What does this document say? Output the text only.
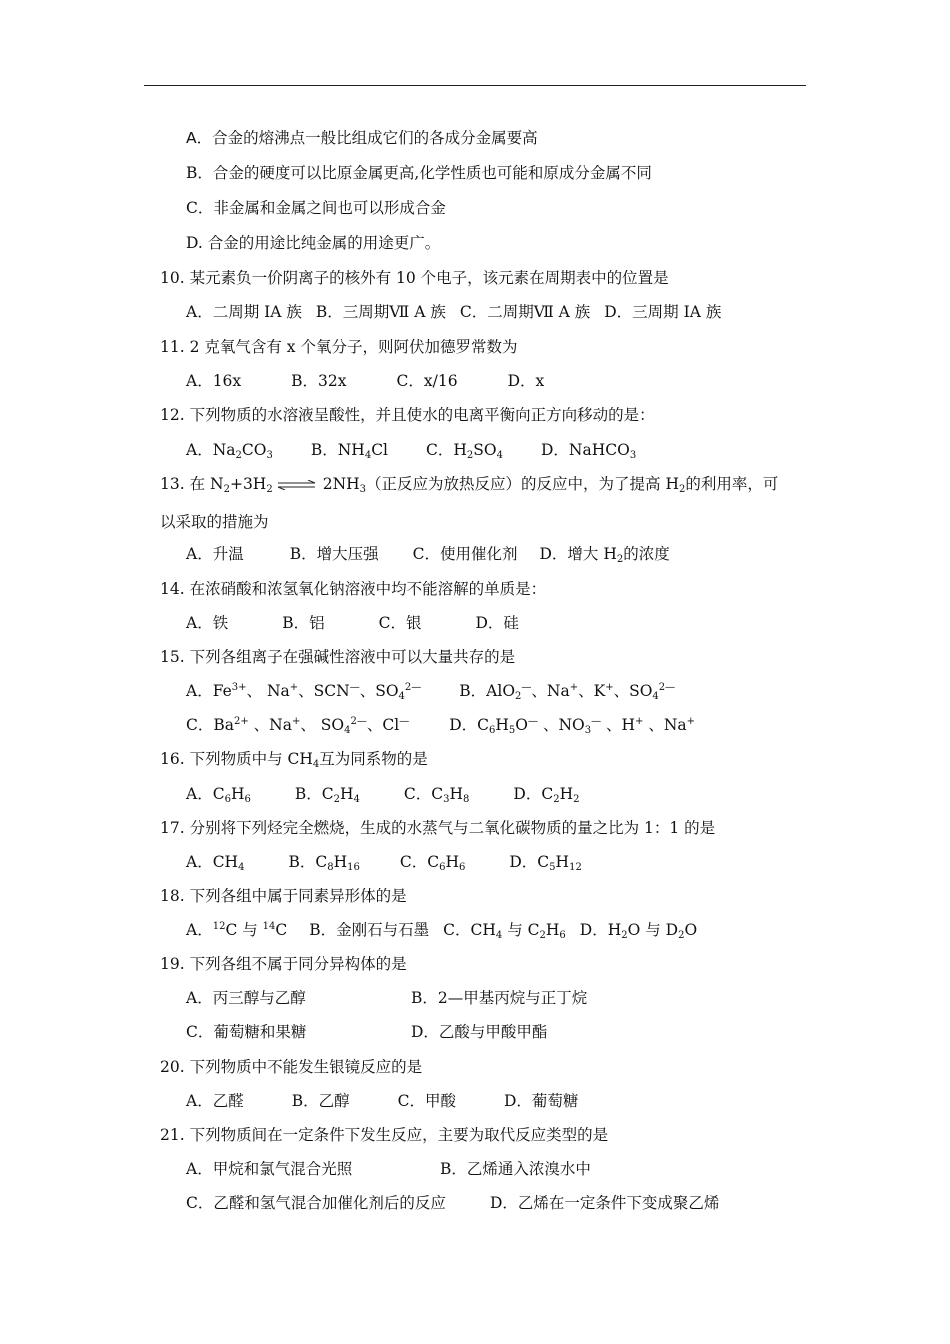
A．合金的熔沸点一般比组成它们的各成分金属要高
B．合金的硬度可以比原金属更高,化学性质也可能和原成分金属不同
C．非金属和金属之间也可以形成合金
D. 合金的用途比纯金属的用途更广。
10. 某元素负一价阴离子的核外有 10 个电子，该元素在周期表中的位置是
A．二周期 IA 族 B．三周期Ⅶ A 族 C．二周期Ⅶ A 族 D．三周期 IA 族
11. 2 克氧气含有 x 个氧分子，则阿伏加德罗常数为
A．16x	B．32x	C．x/16	D．x
12. 下列物质的水溶液呈酸性，并且使水的电离平衡向正方向移动的是：
A．$Na_2CO_3$ B．$NH_4Cl$ C．$H_2SO_4$ D．NaHCO$_3$
13. 在 $N_2+3H_2$ ⇌ $2NH_3$（正反应为放热反应）的反应中，为了提高 $H_2$的利用率，可
以采取的措施为
A．升温	B．增大压强 C．使用催化剂 D．增大 $H_2$的浓度
14. 在浓硝酸和浓氢氧化钠溶液中均不能溶解的单质是：
A．铁	B．铝	C．银	D．硅
15. 下列各组离子在强碱性溶液中可以大量共存的是
A．$Fe^{3+}$、 Na+、SCN—、$SO_4^{2—}$ B．AlO$_2$—、Na+、K+、$SO_4^{2—}$
C．$Ba^{2+}$ 、Na+、 $SO_4^{2—}$、Cl—	D．$C_6H_5O^—$ 、$NO_3^—$ 、H+ 、Na+
16. 下列物质中与 $CH_4$互为同系物的是
A．$C_6H_6$	B．$C_2H_4$	C．$C_3H_8$	D．$C_2H_2$
17. 分别将下列烃完全燃烧，生成的水蒸气与二氧化碳物质的量之比为 1：1 的是
A．$CH_4$	B．$C_8H_{16}$	C．$C_6H_6$	D．$C_5H_{12}$
18. 下列各组中属于同素异形体的是
A．$^{12}$C 与 $^{14}$C B．金刚石与石墨 C．$CH_4$ 与 $C_2H_6$ D．$H_2O$ 与 $D_2O$
19. 下列各组不属于同分异构体的是
A．丙三醇与乙醇	B．2—甲基丙烷与正丁烷
C．葡萄糖和果糖	D．乙酸与甲酸甲酯
20. 下列物质中不能发生银镜反应的是
A．乙醛	B．乙醇	C．甲酸	D．葡萄糖
21. 下列物质间在一定条件下发生反应，主要为取代反应类型的是
A．甲烷和氯气混合光照	B．乙烯通入浓溴水中
C．乙醛和氢气混合加催化剂后的反应	D．乙烯在一定条件下变成聚乙烯
